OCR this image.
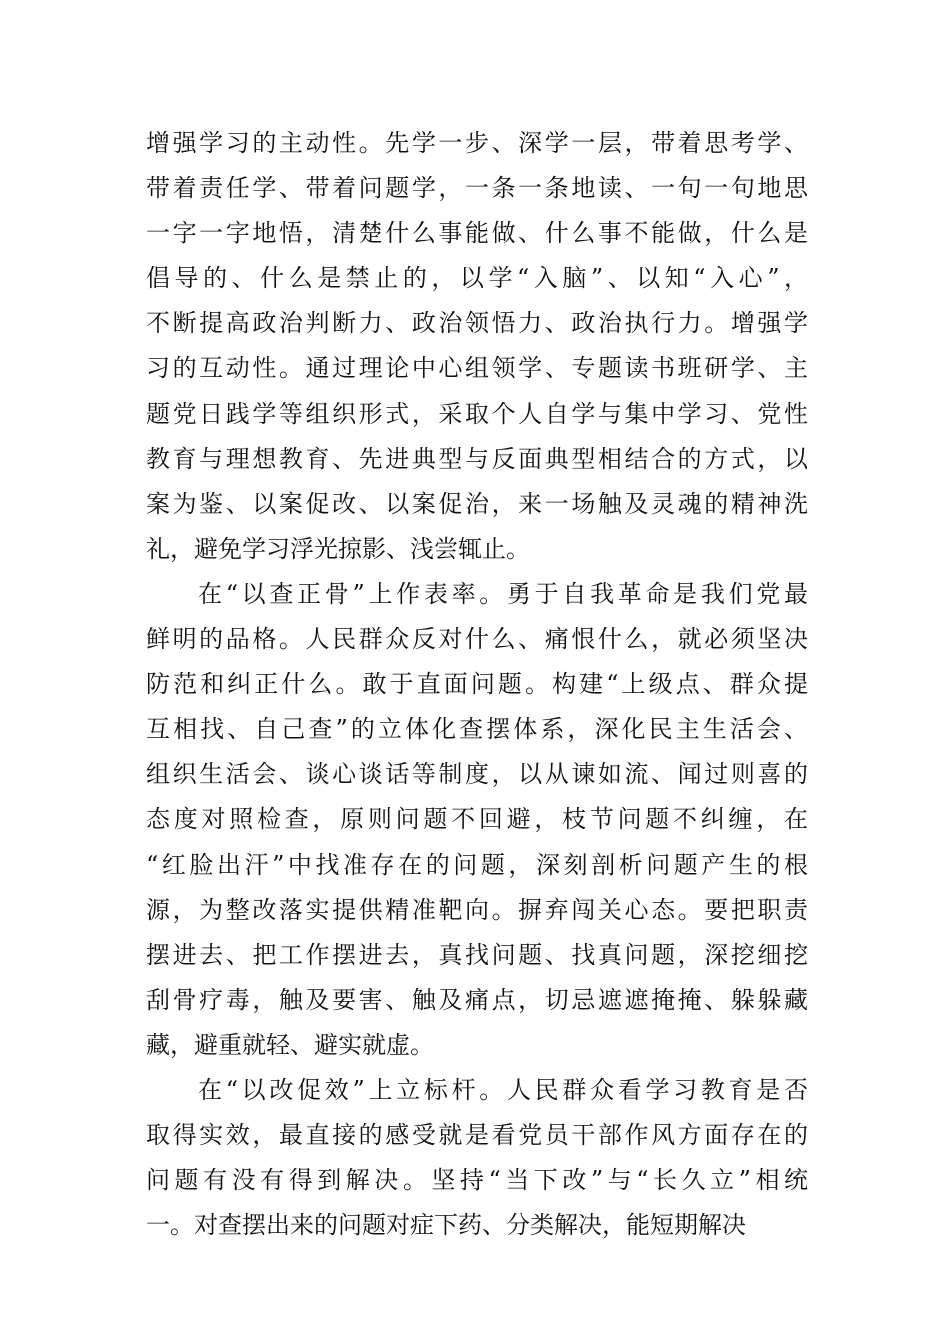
增强学习的主动性。先学一步、深学一层，带着思考学、
带着责任学、带着问题学，一条一条地读、一句一句地思
一字一字地悟，清楚什么事能做、什么事不能做，什么是
倡导的、什么是禁止的，以学“入脑”、以知“入心”，
不断提高政治判断力、政治领悟力、政治执行力。增强学
习的互动性。通过理论中心组领学、专题读书班研学、主
题党日践学等组织形式，采取个人自学与集中学习、党性
教育与理想教育、先进典型与反面典型相结合的方式，以
案为鉴、以案促改、以案促治，来一场触及灵魂的精神洗
礼，避免学习浮光掠影、浅尝辄止。
在“以查正骨”上作表率。勇于自我革命是我们党最
鲜明的品格。人民群众反对什么、痛恨什么，就必须坚决
防范和纠正什么。敢于直面问题。构建“上级点、群众提
互相找、自己查”的立体化查摆体系，深化民主生活会、
组织生活会、谈心谈话等制度，以从谏如流、闻过则喜的
态度对照检查，原则问题不回避，枝节问题不纠缠，在
“红脸出汗”中找准存在的问题，深刻剖析问题产生的根
源，为整改落实提供精准靶向。摒弃闯关心态。要把职责
摆进去、把工作摆进去，真找问题、找真问题，深挖细挖
刮骨疗毒，触及要害、触及痛点，切忌遮遮掩掩、躲躲藏
藏，避重就轻、避实就虚。
在“以改促效”上立标杆。人民群众看学习教育是否
取得实效，最直接的感受就是看党员干部作风方面存在的
问题有没有得到解决。坚持“当下改”与“长久立”相统
一。对查摆出来的问题对症下药、分类解决，能短期解决
